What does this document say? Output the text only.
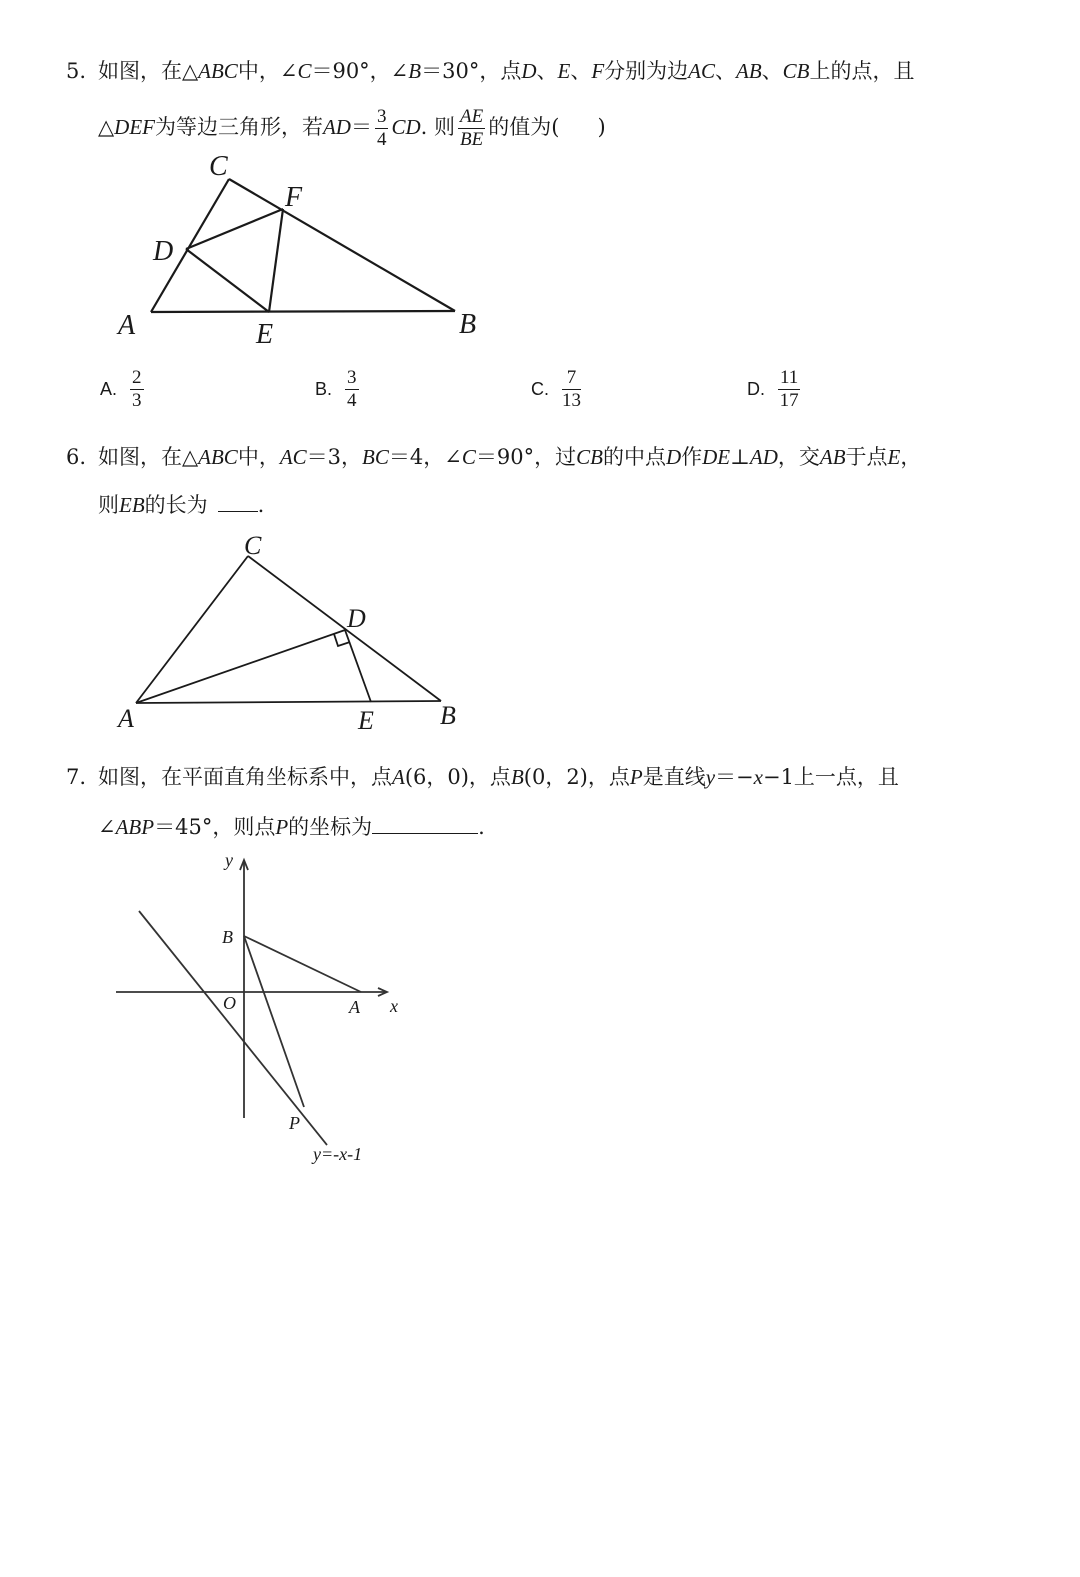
5. 如图，在△ABC中，∠C＝90°，∠B＝30°，点D、E、F分别为边AC、AB、CB上的点，且
△DEF为等边三角形，若$AD= \frac{3}{4}$ CD. 则 $\frac{AE}{BE}$ 的值为( )
C
F
D
A	E	B
A. $\frac{2}{3}$	B. $\frac{3}{4}$	C. $\frac{7}{13}$	D. $\frac{11}{17}$
6. 如图，在△ABC中，AC＝3，BC＝4，∠C＝90°，过CB的中点D作DE⊥AD，交AB于点E，
则EB的长为 .
C
D
A	E	B
7. 如图，在平面直角坐标系中，点A(6，0)，点B(0，2)，点P是直线y＝−x−1上一点，且
∠ABP＝45°，则点P的坐标为	.
y
x
B
O	A
P
y=-x-1
